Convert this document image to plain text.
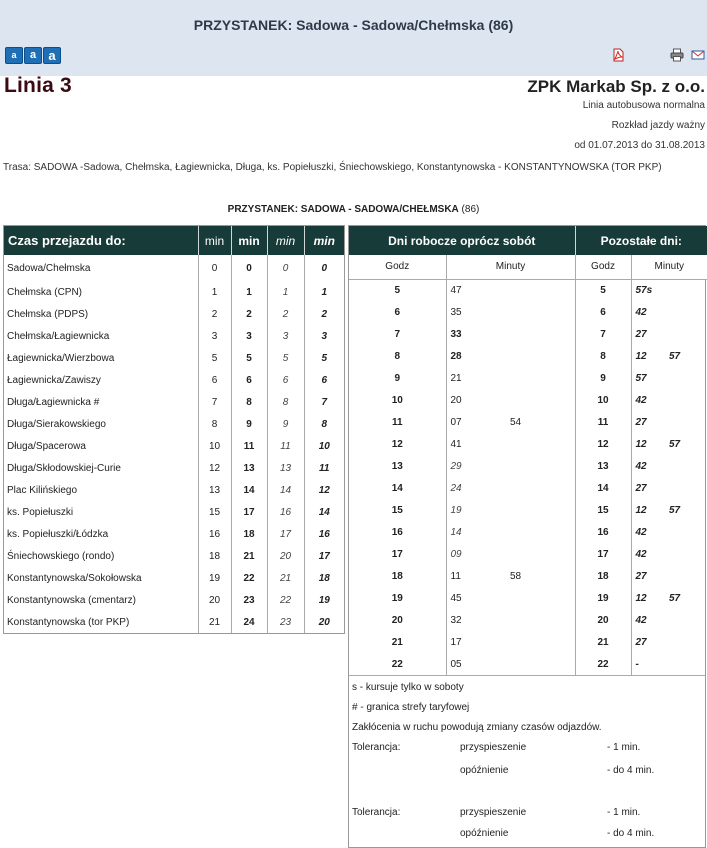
PRZYSTANEK: Sadowa - Sadowa/Chełmska (86)
a a a
Linia 3	ZPK Markab Sp. z o.o.
Linia autobusowa normalna
Rozkład jazdy ważny
od 01.07.2013 do 31.08.2013
Trasa: SADOWA -Sadowa, Chełmska, Łagiewnicka, Długa, ks. Popiełuszki, Śniechowskiego, Konstantynowska - KONSTANTYNOWSKA (TOR PKP)
PRZYSTANEK: SADOWA - SADOWA/CHEŁMSKA (86)
Czas przejazdu do:	min	min	min	min
Sadowa/Chełmska	0	0	0	0
Chełmska (CPN)	1	1	1	1
Chełmska (PDPS)	2	2	2	2
Chełmska/Łagiewnicka	3	3	3	3
Łagiewnicka/Wierzbowa	5	5	5	5
Łagiewnicka/Zawiszy	6	6	6	6
Długa/Łagiewnicka #	7	8	8	7
Długa/Sierakowskiego	8	9	9	8
Długa/Spacerowa	10	11	11	10
Długa/Skłodowskiej-Curie	12	13	13	11
Plac Kilińskiego	13	14	14	12
ks. Popiełuszki	15	17	16	14
ks. Popiełuszki/Łódzka	16	18	17	16
Śniechowskiego (rondo)	18	21	20	17
Konstantynowska/Sokołowska	19	22	21	18
Konstantynowska (cmentarz)	20	23	22	19
Konstantynowska (tor PKP)	21	24	23	20
Dni robocze oprócz sobót			Pozostałe dni:		
Godz	Minuty		Godz	Minuty	
5	47		5	57s	
6	35		6	42	
7	33		7	27	
8	28		8	12	57
9	21		9	57	
10	20		10	42	
11	07	54	11	27	
12	41		12	12	57
13	29		13	42	
14	24		14	27	
15	19		15	12	57
16	14		16	42	
17	09		17	42	
18	11	58	18	27	
19	45		19	12	57
20	32		20	42	
21	17		21	27	
22	05		22	-	
s - kursuje tylko w soboty
# - granica strefy taryfowej
Zakłócenia w ruchu powodują zmiany czasów odjazdów.
Tolerancja:	przyspieszenie	- 1 min.
opóźnienie	- do 4 min.
Tolerancja:	przyspieszenie	- 1 min.
opóźnienie	- do 4 min.
